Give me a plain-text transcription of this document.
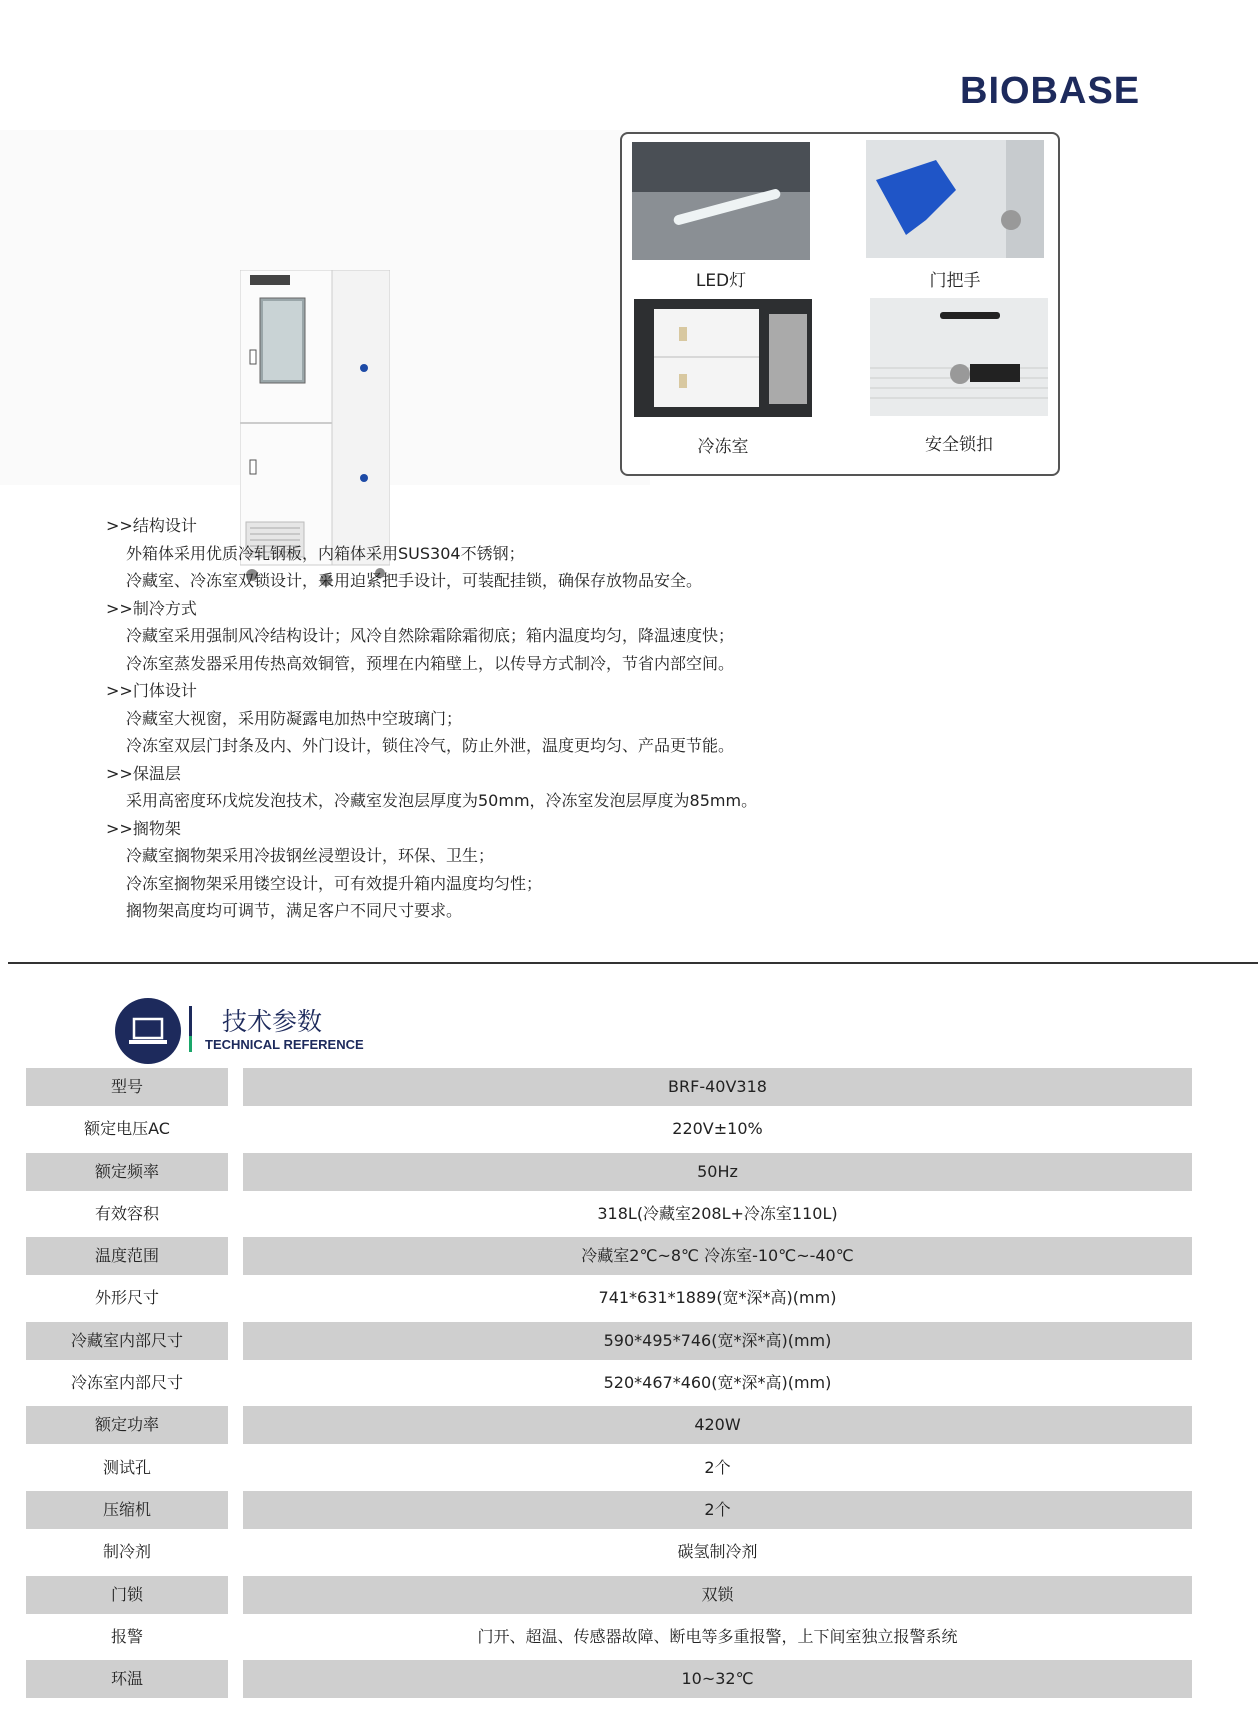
BIOBASE
LED灯	门把手
冷冻室	安全锁扣
>>结构设计
外箱体采用优质冷轧钢板，内箱体采用SUS304不锈钢；
冷藏室、冷冻室双锁设计，采用迫紧把手设计，可装配挂锁，确保存放物品安全。
>>制冷方式
冷藏室采用强制风冷结构设计；风冷自然除霜除霜彻底；箱内温度均匀，降温速度快；
冷冻室蒸发器采用传热高效铜管，预埋在内箱壁上，以传导方式制冷，节省内部空间。
>>门体设计
冷藏室大视窗，采用防凝露电加热中空玻璃门；
冷冻室双层门封条及内、外门设计，锁住冷气，防止外泄，温度更均匀、产品更节能。
>>保温层
采用高密度环戊烷发泡技术，冷藏室发泡层厚度为50mm，冷冻室发泡层厚度为85mm。
>>搁物架
冷藏室搁物架采用冷拔钢丝浸塑设计，环保、卫生；
冷冻室搁物架采用镂空设计，可有效提升箱内温度均匀性；
搁物架高度均可调节，满足客户不同尺寸要求。
技术参数
TECHNICAL REFERENCE
型号	BRF-40V318
额定电压AC	220V±10%
额定频率	50Hz
有效容积	318L(冷藏室208L+冷冻室110L)
温度范围	冷藏室2℃~8℃ 冷冻室-10℃~-40℃
外形尺寸	741*631*1889(宽*深*高)(mm)
冷藏室内部尺寸	590*495*746(宽*深*高)(mm)
冷冻室内部尺寸	520*467*460(宽*深*高)(mm)
额定功率	420W
测试孔	2个
压缩机	2个
制冷剂	碳氢制冷剂
门锁	双锁
报警	门开、超温、传感器故障、断电等多重报警，上下间室独立报警系统
环温	10~32℃
